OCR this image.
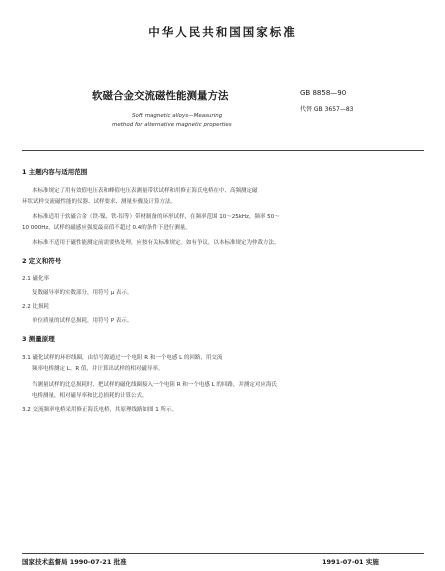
中华人民共和国国家标准
软磁合金交流磁性能测量方法	GB 8858—90
代替 GB 3657—83
Soft magnetic alloys—Measuring
method for alternative magnetic properties
1 主题内容与适用范围
本标准规定了用有效值电压表和峰值电压表测量带状试样和用修正海氏电桥在中、高频测定磁
环状试样交流磁性能的仪器、试样要求、测量步骤及计算方法。
本标准适用于软磁合金（铁-镍、铁-铝等）带材制备的环形试样，在频率范围 10～25kHz，频率 50～
10 000Hz，试样的磁感应强度最高值不超过 0.4的条件下进行测量。
本标准不适用于磁性能测定前需要热处理，应按有关标准规定。如有争议，以本标准规定为仲裁方法。
2 定义和符号
2.1 磁化率
复数磁导率的实数部分，用符号 μ 表示。
2.2 比损耗
单位质量的试样总损耗，用符号 P 表示。
3 测量原理
3.1 磁化试样的环形线圈，由信号源通过一个电阻 R 和一个电感 L 的回路，用交流
频率电桥测定 L、R 值，并计算出试样的相对磁导率。
当测量试样的比总损耗时，把试样的磁化线圈接入一个电阻 R 和一个电感 L 的回路，并测定对应海氏
电桥测量，相对磁导率和比总损耗的计算公式。
3.2 交流频率电桥采用修正海氏电桥，其原理线路如图 1 所示。
国家技术监督局 1990-07-21 批准	1991-07-01 实施
